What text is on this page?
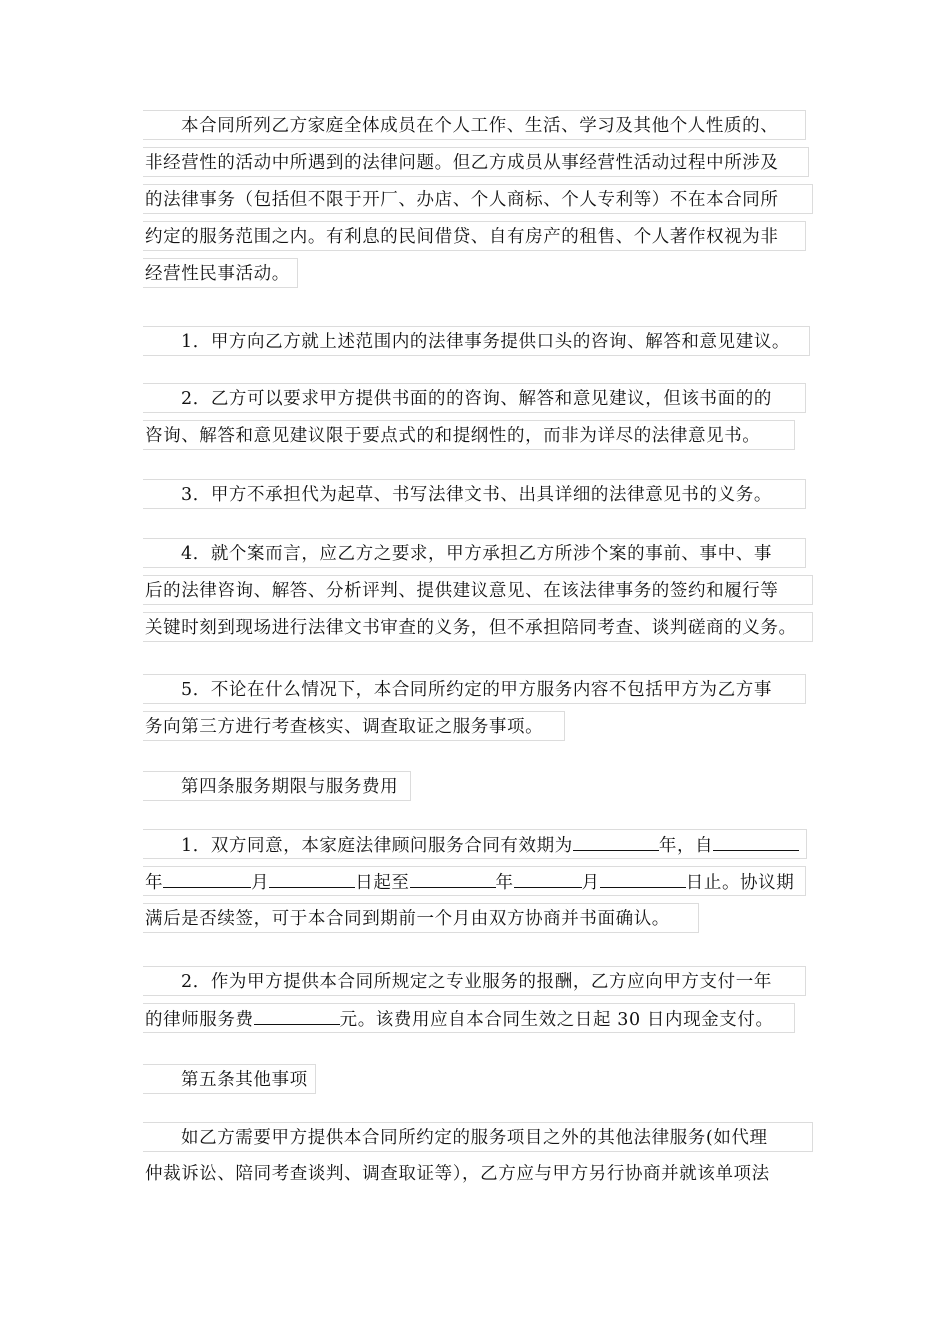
本合同所列乙方家庭全体成员在个人工作、生活、学习及其他个人性质的、
非经营性的活动中所遇到的法律问题。但乙方成员从事经营性活动过程中所涉及
的法律事务（包括但不限于开厂、办店、个人商标、个人专利等）不在本合同所
约定的服务范围之内。有利息的民间借贷、自有房产的租售、个人著作权视为非
经营性民事活动。
1．甲方向乙方就上述范围内的法律事务提供口头的咨询、解答和意见建议。
2．乙方可以要求甲方提供书面的的咨询、解答和意见建议，但该书面的的
咨询、解答和意见建议限于要点式的和提纲性的，而非为详尽的法律意见书。
3．甲方不承担代为起草、书写法律文书、出具详细的法律意见书的义务。
4．就个案而言，应乙方之要求，甲方承担乙方所涉个案的事前、事中、事
后的法律咨询、解答、分析评判、提供建议意见、在该法律事务的签约和履行等
关键时刻到现场进行法律文书审查的义务，但不承担陪同考查、谈判磋商的义务。
5．不论在什么情况下，本合同所约定的甲方服务内容不包括甲方为乙方事
务向第三方进行考查核实、调查取证之服务事项。
第四条服务期限与服务费用
1．双方同意，本家庭法律顾问服务合同有效期为	年，自
年	月	日起至	年	月	日止。协议期
满后是否续签，可于本合同到期前一个月由双方协商并书面确认。
2．作为甲方提供本合同所规定之专业服务的报酬，乙方应向甲方支付一年
的律师服务费	元。该费用应自本合同生效之日起 30 日内现金支付。
第五条其他事项
如乙方需要甲方提供本合同所约定的服务项目之外的其他法律服务(如代理
仲裁诉讼、陪同考查谈判、调查取证等），乙方应与甲方另行协商并就该单项法
